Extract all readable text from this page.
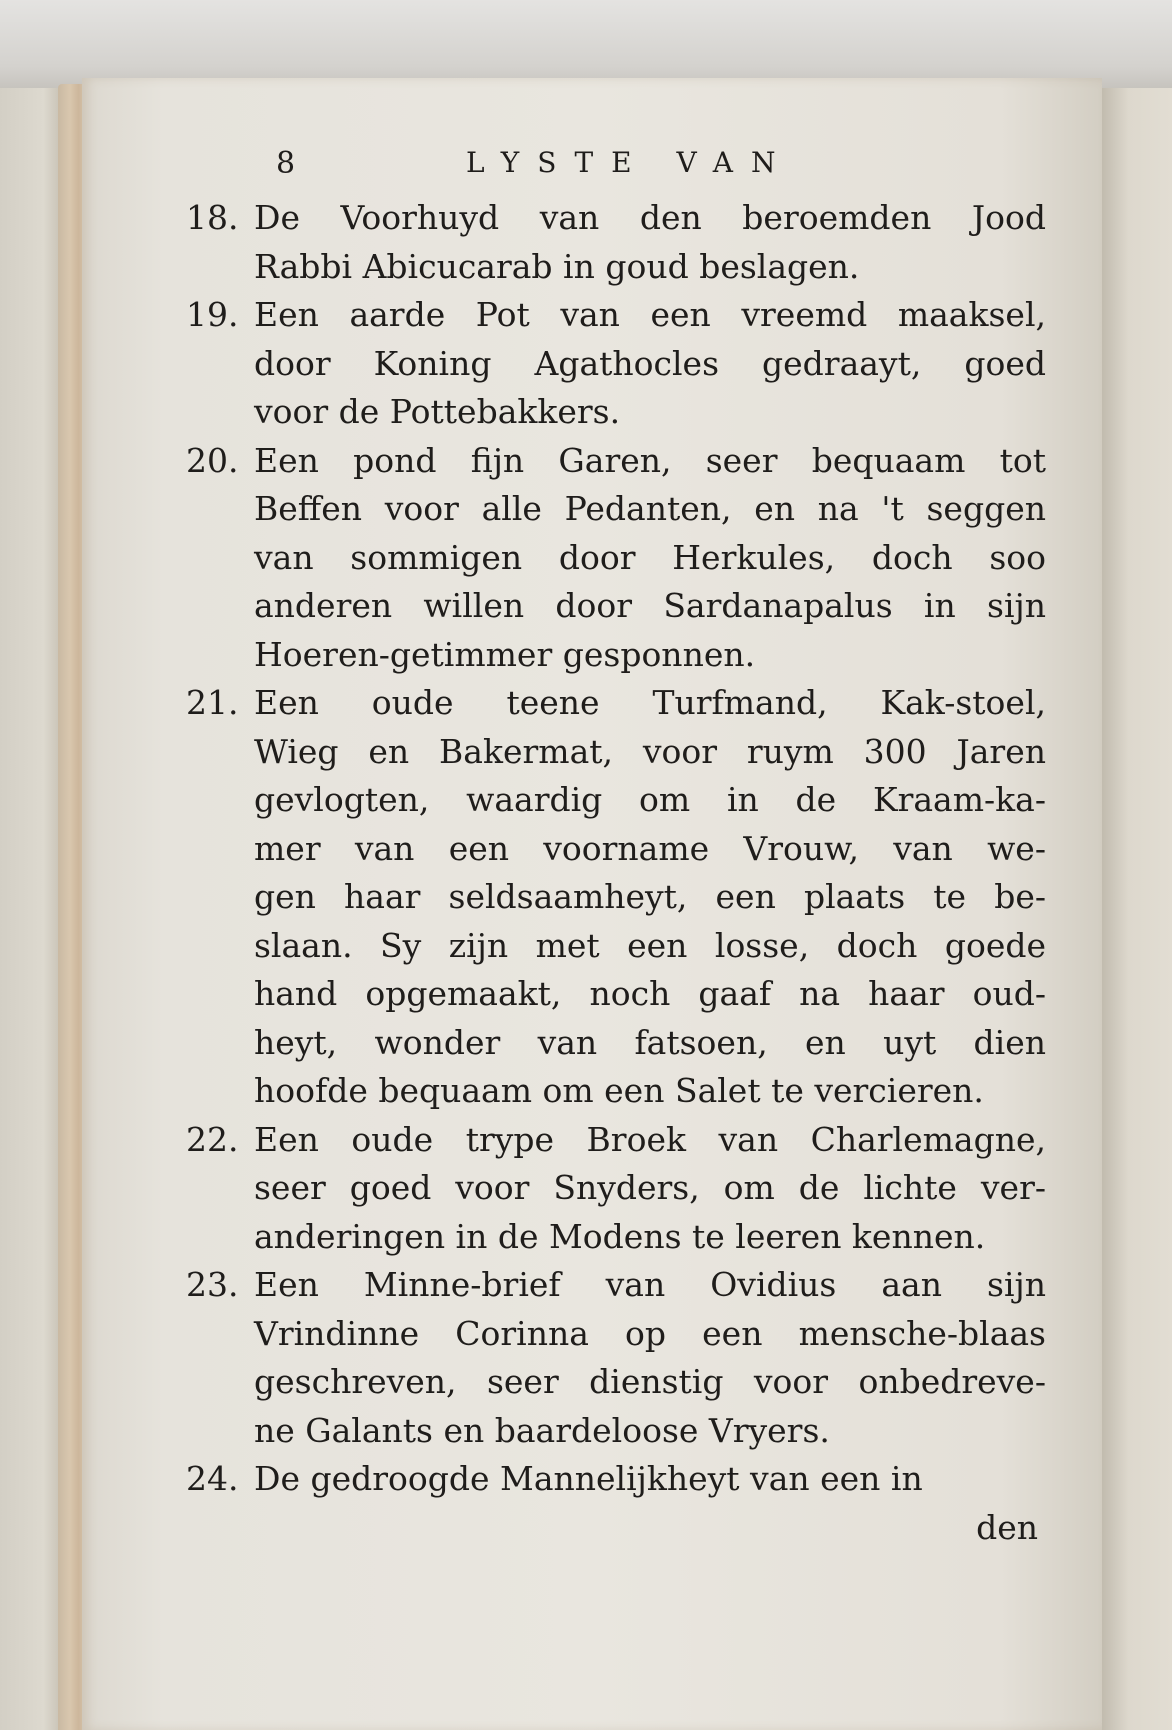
8	LYSTE VAN
18. De Voorhuyd van den beroemden Jood

Rabbi Abicucarab in goud beslagen.

19. Een aarde Pot van een vreemd maaksel,

door Koning Agathocles gedraayt, goed

voor de Pottebakkers.

20. Een pond fijn Garen, seer bequaam tot

Beffen voor alle Pedanten, en na 't seggen

van sommigen door Herkules, doch soo

anderen willen door Sardanapalus in sijn

Hoeren-getimmer gesponnen.

21. Een oude teene Turfmand, Kak-stoel,

Wieg en Bakermat, voor ruym 300 Jaren

gevlogten, waardig om in de Kraam-ka-

mer van een voorname Vrouw, van we-

gen haar seldsaamheyt, een plaats te be-

slaan. Sy zijn met een losse, doch goede

hand opgemaakt, noch gaaf na haar oud-

heyt, wonder van fatsoen, en uyt dien

hoofde bequaam om een Salet te vercieren.

22. Een oude trype Broek van Charlemagne,

seer goed voor Snyders, om de lichte ver-

anderingen in de Modens te leeren kennen.

23. Een Minne-brief van Ovidius aan sijn

Vrindinne Corinna op een mensche-blaas

geschreven, seer dienstig voor onbedreve-

ne Galants en baardeloose Vryers.

24. De gedroogde Mannelijkheyt van een in

den
